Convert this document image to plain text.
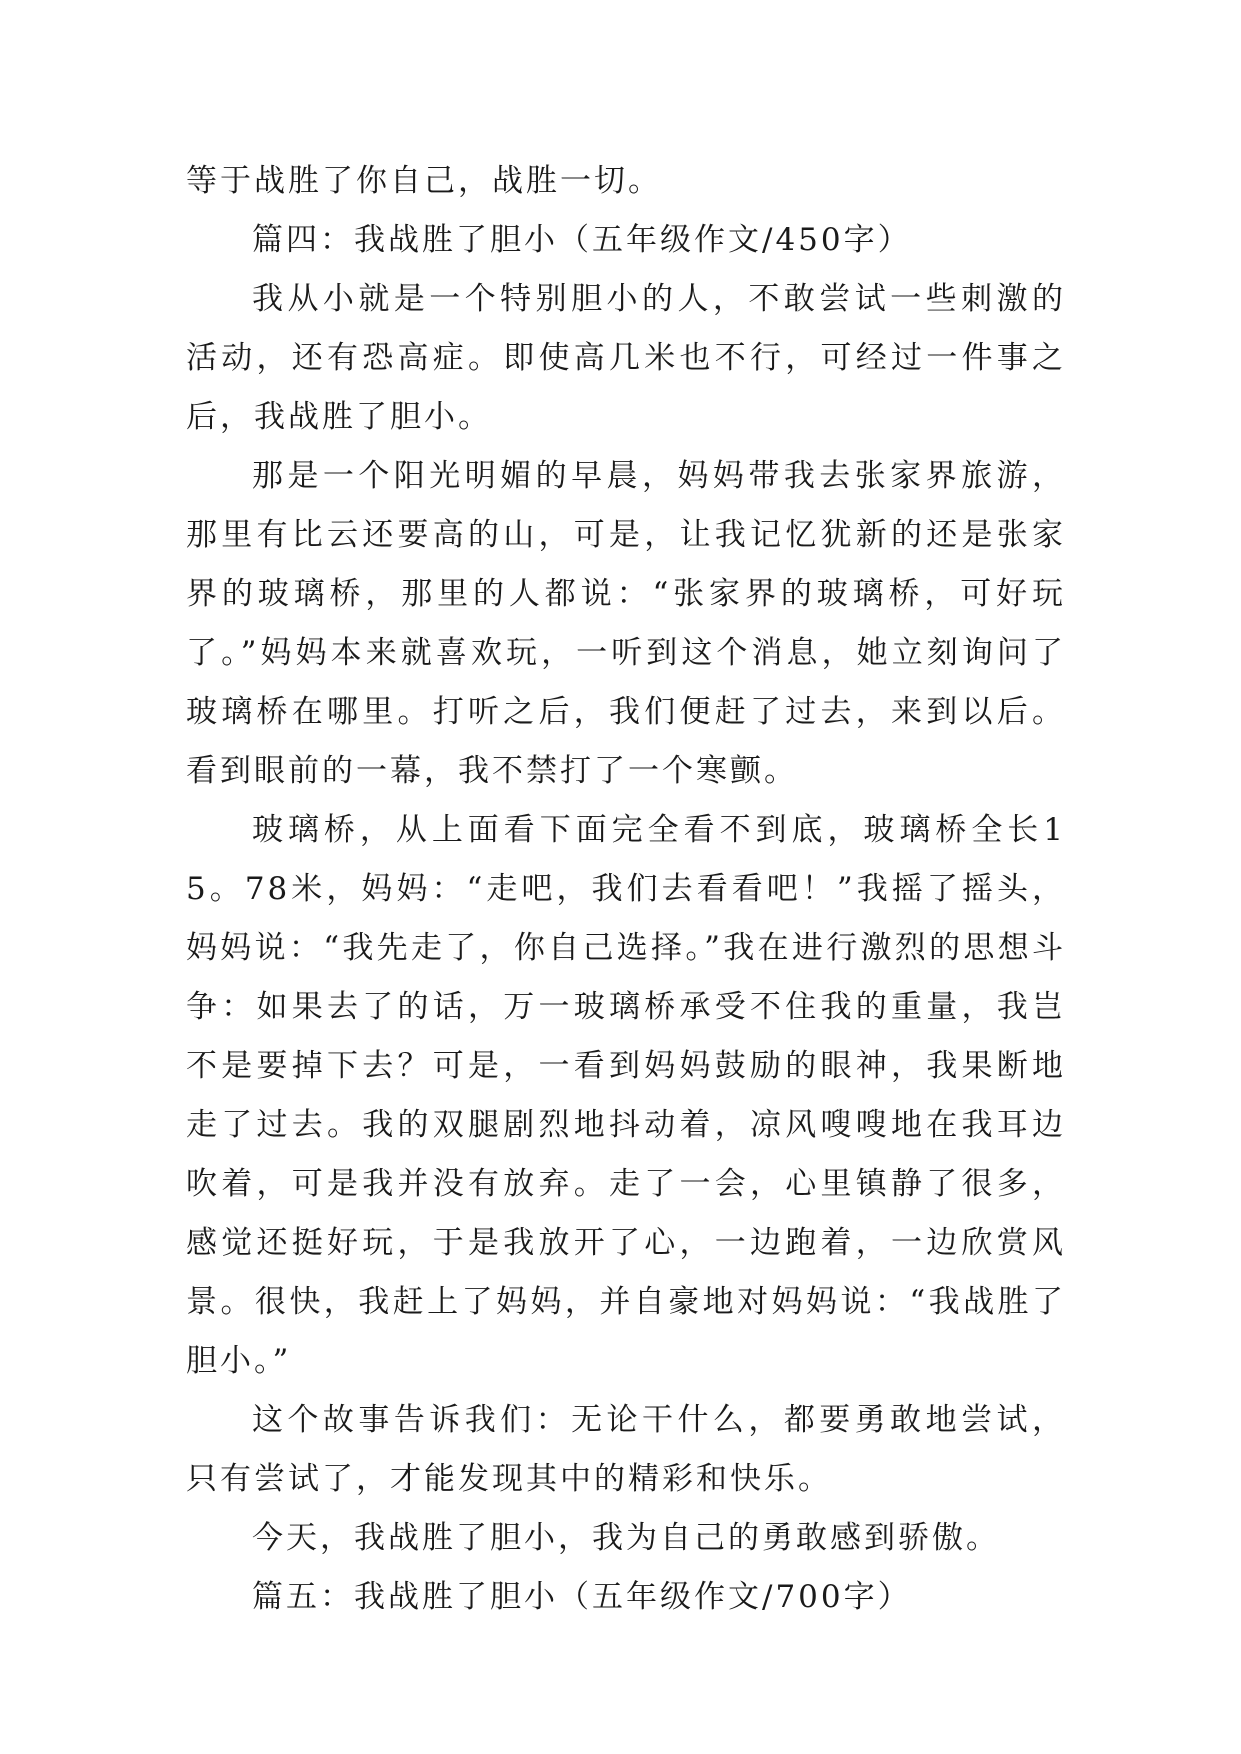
等于战胜了你自己，战胜一切。

篇四：我战胜了胆小（五年级作文/450字）

我从小就是一个特别胆小的人，不敢尝试一些刺激的活动，还有恐高症。即使高几米也不行，可经过一件事之后，我战胜了胆小。

那是一个阳光明媚的早晨，妈妈带我去张家界旅游，那里有比云还要高的山，可是，让我记忆犹新的还是张家界的玻璃桥，那里的人都说：“张家界的玻璃桥，可好玩了。”妈妈本来就喜欢玩，一听到这个消息，她立刻询问了玻璃桥在哪里。打听之后，我们便赶了过去，来到以后。看到眼前的一幕，我不禁打了一个寒颤。

玻璃桥，从上面看下面完全看不到底，玻璃桥全长15。78米，妈妈：“走吧，我们去看看吧！”我摇了摇头，妈妈说：“我先走了，你自己选择。”我在进行激烈的思想斗争：如果去了的话，万一玻璃桥承受不住我的重量，我岂不是要掉下去？可是，一看到妈妈鼓励的眼神，我果断地走了过去。我的双腿剧烈地抖动着，凉风嗖嗖地在我耳边吹着，可是我并没有放弃。走了一会，心里镇静了很多，感觉还挺好玩，于是我放开了心，一边跑着，一边欣赏风景。很快，我赶上了妈妈，并自豪地对妈妈说：“我战胜了胆小。”

这个故事告诉我们：无论干什么，都要勇敢地尝试，只有尝试了，才能发现其中的精彩和快乐。

今天，我战胜了胆小，我为自己的勇敢感到骄傲。

篇五：我战胜了胆小（五年级作文/700字）
